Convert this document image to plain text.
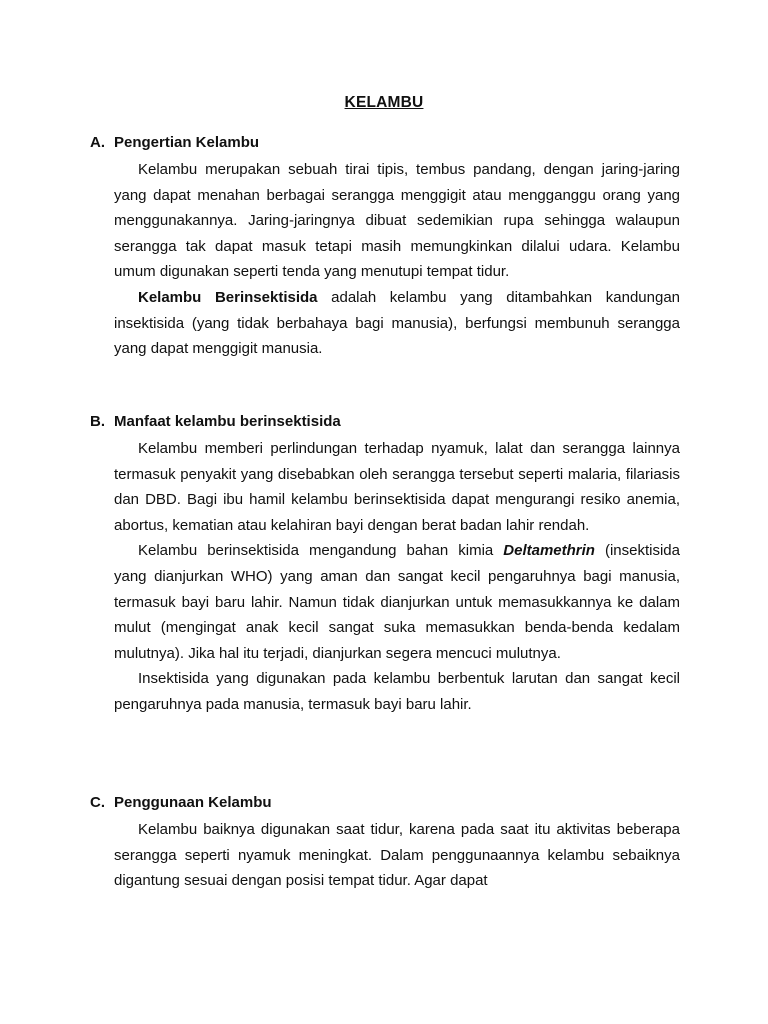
KELAMBU
A. Pengertian Kelambu

Kelambu merupakan sebuah tirai tipis, tembus pandang, dengan jaring-jaring yang dapat menahan berbagai serangga menggigit atau mengganggu orang yang menggunakannya. Jaring-jaringnya dibuat sedemikian rupa sehingga walaupun serangga tak dapat masuk tetapi masih memungkinkan dilalui udara. Kelambu umum digunakan seperti tenda yang menutupi tempat tidur.

Kelambu Berinsektisida adalah kelambu yang ditambahkan kandungan insektisida (yang tidak berbahaya bagi manusia), berfungsi membunuh serangga yang dapat menggigit manusia.

B. Manfaat kelambu berinsektisida

Kelambu memberi perlindungan terhadap nyamuk, lalat dan serangga lainnya termasuk penyakit yang disebabkan oleh serangga tersebut seperti malaria, filariasis dan DBD. Bagi ibu hamil kelambu berinsektisida dapat mengurangi resiko anemia, abortus, kematian atau kelahiran bayi dengan berat badan lahir rendah.

Kelambu berinsektisida mengandung bahan kimia Deltamethrin (insektisida yang dianjurkan WHO) yang aman dan sangat kecil pengaruhnya bagi manusia, termasuk bayi baru lahir. Namun tidak dianjurkan untuk memasukkannya ke dalam mulut (mengingat anak kecil sangat suka memasukkan benda-benda kedalam mulutnya). Jika hal itu terjadi, dianjurkan segera mencuci mulutnya.

Insektisida yang digunakan pada kelambu berbentuk larutan dan sangat kecil pengaruhnya pada manusia, termasuk bayi baru lahir.

C. Penggunaan Kelambu

Kelambu baiknya digunakan saat tidur, karena pada saat itu aktivitas beberapa serangga seperti nyamuk meningkat. Dalam penggunaannya kelambu sebaiknya digantung sesuai dengan posisi tempat tidur. Agar dapat
